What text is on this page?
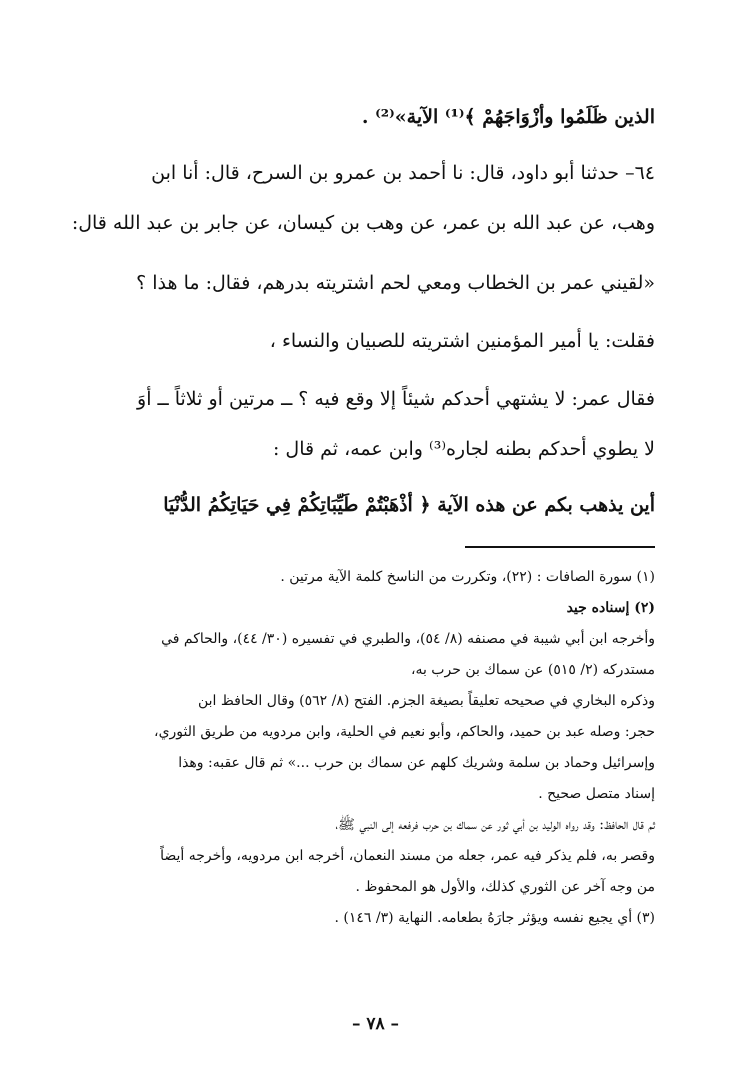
الذين ظَلَمُوا وأزْوَاجَهُمْ ﴾⁽¹⁾ الآية»⁽²⁾ .

٦٤– حدثنا أبو داود، قال: نا أحمد بن عمرو بن السرح، قال: أنا ابن

وهب، عن عبد الله بن عمر، عن وهب بن كيسان، عن جابر بن عبد الله قال:

«لقيني عمر بن الخطاب ومعي لحم اشتريته بدرهم، فقال: ما هذا ؟

فقلت: يا أمير المؤمنين اشتريته للصبيان والنساء ،

فقال عمر: لا يشتهي أحدكم شيئاً إلا وقع فيه ؟ ــ مرتين أو ثلاثاً ــ أوَ

لا يطوي أحدكم بطنه لجاره⁽³⁾ وابن عمه، ثم قال :

أين يذهب بكم عن هذه الآية ﴿ أذْهَبْتُمْ طَيِّبَاتِكُمْ فِي حَيَاتِكُمُ الدُّنْيَا

(١) سورة الصافات : (٢٢)، وتكررت من الناسخ كلمة الآية مرتين .

(٢) إسناده جيد

وأخرجه ابن أبي شيبة في مصنفه (٨/ ٥٤)، والطبري في تفسيره (٣٠/ ٤٤)، والحاكم في

مستدركه (٢/ ٥١٥) عن سماك بن حرب به،

وذكره البخاري في صحيحه تعليقاً بصيغة الجزم. الفتح (٨/ ٥٦٢) وقال الحافظ ابن

حجر: وصله عبد بن حميد، والحاكم، وأبو نعيم في الحلية، وابن مردويه من طريق الثوري،

وإسرائيل وحماد بن سلمة وشريك كلهم عن سماك بن حرب ...» ثم قال عقبه: وهذا

إسناد متصل صحيح .

ثم قال الحافظ: وقد رواه الوليد بن أبي ثور عن سماك بن حرب فرفعه إلى النبي ﷺ،

وقصر به، فلم يذكر فيه عمر، جعله من مسند النعمان، أخرجه ابن مردويه، وأخرجه أيضاً

من وجه آخر عن الثوري كذلك، والأول هو المحفوظ .

(٣) أي يجيع نفسه ويؤثر جارَهُ بطعامه. النهاية (٣/ ١٤٦) .

– ٧٨ –
